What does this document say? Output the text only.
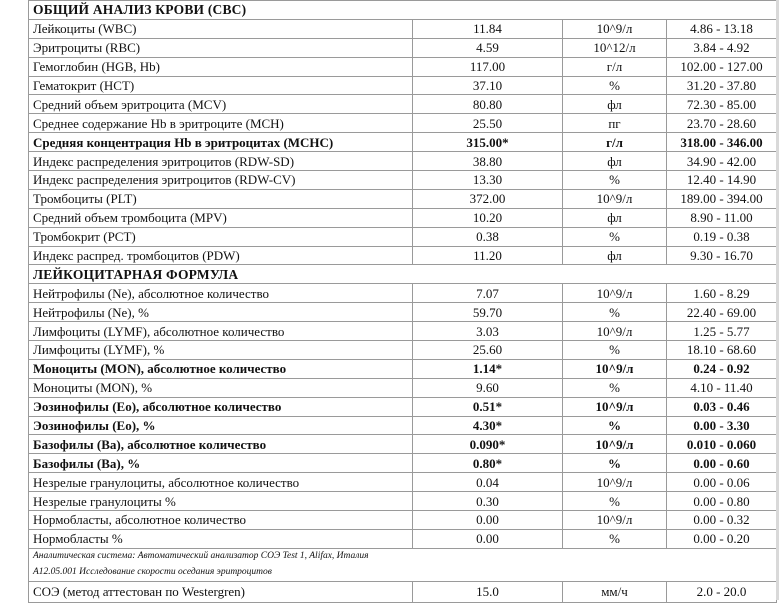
ОБЩИЙ АНАЛИЗ КРОВИ (CBC)			
Лейкоциты (WBC)	11.84	10^9/л	4.86 - 13.18
Эритроциты (RBC)	4.59	10^12/л	3.84 - 4.92
Гемоглобин (HGB, Hb)	117.00	г/л	102.00 - 127.00
Гематокрит (HCT)	37.10	%	31.20 - 37.80
Средний объем эритроцита (MCV)	80.80	фл	72.30 - 85.00
Среднее содержание Hb в эритроците (MCH)	25.50	пг	23.70 - 28.60
Средняя концентрация Hb в эритроцитах (MCHC)	315.00*	г/л	318.00 - 346.00
Индекс распределения эритроцитов (RDW-SD)	38.80	фл	34.90 - 42.00
Индекс распределения эритроцитов (RDW-CV)	13.30	%	12.40 - 14.90
Тромбоциты (PLT)	372.00	10^9/л	189.00 - 394.00
Средний объем тромбоцита (MPV)	10.20	фл	8.90 - 11.00
Тромбокрит (PCT)	0.38	%	0.19 - 0.38
Индекс распред. тромбоцитов (PDW)	11.20	фл	9.30 - 16.70
ЛЕЙКОЦИТАРНАЯ ФОРМУЛА			
Нейтрофилы (Ne), абсолютное количество	7.07	10^9/л	1.60 - 8.29
Нейтрофилы (Ne), %	59.70	%	22.40 - 69.00
Лимфоциты (LYMF), абсолютное количество	3.03	10^9/л	1.25 - 5.77
Лимфоциты (LYMF), %	25.60	%	18.10 - 68.60
Моноциты (MON), абсолютное количество	1.14*	10^9/л	0.24 - 0.92
Моноциты (MON), %	9.60	%	4.10 - 11.40
Эозинофилы (Eo), абсолютное количество	0.51*	10^9/л	0.03 - 0.46
Эозинофилы (Eo), %	4.30*	%	0.00 - 3.30
Базофилы (Ba), абсолютное количество	0.090*	10^9/л	0.010 - 0.060
Базофилы (Ba), %	0.80*	%	0.00 - 0.60
Незрелые гранулоциты, абсолютное количество	0.04	10^9/л	0.00 - 0.06
Незрелые гранулоциты %	0.30	%	0.00 - 0.80
Нормобласты, абсолютное количество	0.00	10^9/л	0.00 - 0.32
Нормобласты %	0.00	%	0.00 - 0.20
Аналитическая система: Автоматический анализатор СОЭ Test 1, Alifax, Италия			
А12.05.001 Исследование скорости оседания эритроцитов			
СОЭ (метод аттестован по Westergren)	15.0	мм/ч	2.0 - 20.0
